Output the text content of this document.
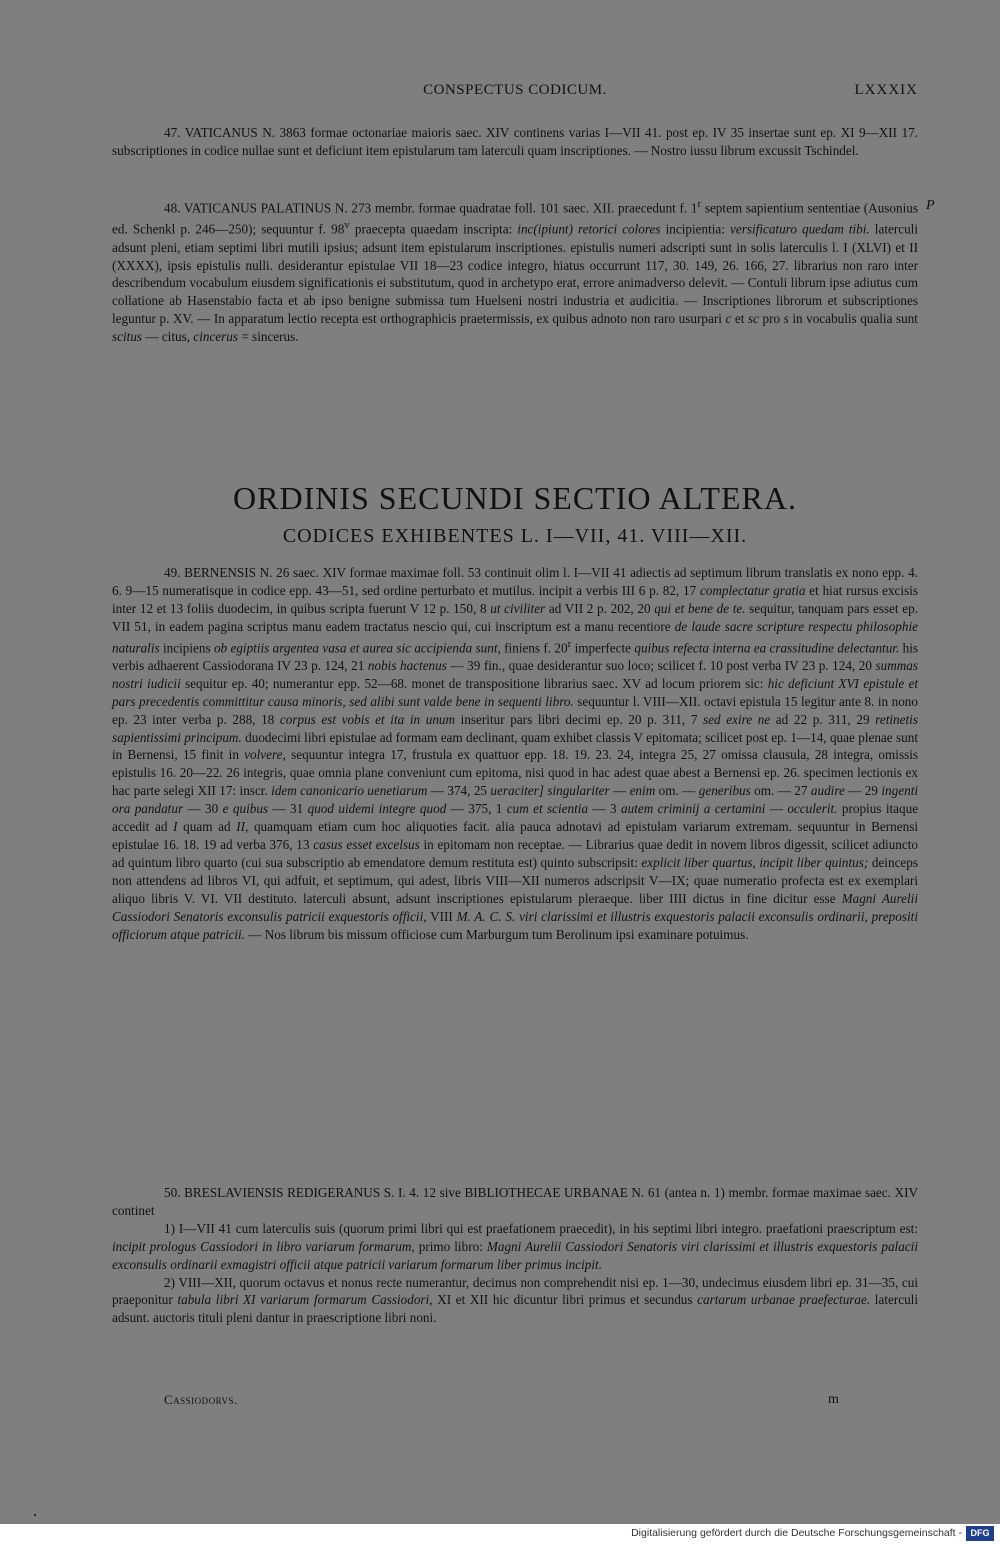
CONSPECTUS CODICUM.	LXXXIX

47. VATICANUS N. 3863 formae octonariae maioris saec. XIV continens varias I—VII 41. post ep. IV 35 insertae sunt ep. XI 9—XII 17. subscriptiones in codice nullae sunt et deficiunt item epistularum tam laterculi quam inscriptiones. — Nostro iussu librum excussit Tschindel.

P

48. VATICANUS PALATINUS N. 273 membr. formae quadratae foll. 101 saec. XII. praecedunt f. 1$^r$ septem sapientium sententiae (Ausonius ed. Schenkl p. 246—250); sequuntur f. 98$^v$ praecepta quaedam inscripta: inc(ipiunt) retorici colores incipientia: versificaturo quedam tibi. laterculi adsunt pleni, etiam septimi libri mutili ipsius; adsunt item epistularum inscriptiones. epistulis numeri adscripti sunt in solis laterculis l. I (XLVI) et II (XXXX), ipsis epistulis nulli. desiderantur epistulae VII 18—23 codice integro, hiatus occurrunt 117, 30. 149, 26. 166, 27. librarius non raro inter describendum vocabulum eiusdem significationis ei substitutum, quod in archetypo erat, errore animadverso delevit. — Contuli librum ipse adiutus cum collatione ab Hasenstabio facta et ab ipso benigne submissa tum Huelseni nostri industria et audicitia. — Inscriptiones librorum et subscriptiones leguntur p. XV. — In apparatum lectio recepta est orthographicis praetermissis, ex quibus adnoto non raro usurpari c et sc pro s in vocabulis qualia sunt scitus — citus, cincerus = sincerus.

ORDINIS SECUNDI SECTIO ALTERA.
CODICES EXHIBENTES L. I—VII, 41. VIII—XII.

49. BERNENSIS N. 26 saec. XIV formae maximae foll. 53 continuit olim l. I—VII 41 adiectis ad septimum librum translatis ex nono epp. 4. 6. 9—15 numeratisque in codice epp. 43—51, sed ordine perturbato et mutilus. incipit a verbis III 6 p. 82, 17 complectatur gratia et hiat rursus excisis inter 12 et 13 foliis duodecim, in quibus scripta fuerunt V 12 p. 150, 8 ut civiliter ad VII 2 p. 202, 20 qui et bene de te. sequitur, tanquam pars esset ep. VII 51, in eadem pagina scriptus manu eadem tractatus nescio qui, cui inscriptum est a manu recentiore de laude sacre scripture respectu philosophie naturalis incipiens ob egiptiis argentea vasa et aurea sic accipienda sunt, finiens f. 20$^r$ imperfecte quibus refecta interna ea crassitudine delectantur. his verbis adhaerent Cassiodorana IV 23 p. 124, 21 nobis hactenus — 39 fin., quae desiderantur suo loco; scilicet f. 10 post verba IV 23 p. 124, 20 summas nostri iudicii sequitur ep. 40; numerantur epp. 52—68. monet de transpositione librarius saec. XV ad locum priorem sic: hic deficiunt XVI epistule et pars precedentis committitur causa minoris, sed alibi sunt valde bene in sequenti libro. sequuntur l. VIII—XII. octavi epistula 15 legitur ante 8. in nono ep. 23 inter verba p. 288, 18 corpus est vobis et ita in unum inseritur pars libri decimi ep. 20 p. 311, 7 sed exire ne ad 22 p. 311, 29 retinetis sapientissimi principum. duodecimi libri epistulae ad formam eam declinant, quam exhibet classis V epitomata; scilicet post ep. 1—14, quae plenae sunt in Bernensi, 15 finit in volvere, sequuntur integra 17, frustula ex quattuor epp. 18. 19. 23. 24, integra 25, 27 omissa clausula, 28 integra, omissis epistulis 16. 20—22. 26 integris, quae omnia plane conveniunt cum epitoma, nisi quod in hac adest quae abest a Bernensi ep. 26. specimen lectionis ex hac parte selegi XII 17: inscr. idem canonicario uenetiarum — 374, 25 ueraciter] singulariter — enim om. — generibus om. — 27 audire — 29 ingenti ora pandatur — 30 e quibus — 31 quod uidemi integre quod — 375, 1 cum et scientia — 3 autem criminij a certamini — occulerit. propius itaque accedit ad I quam ad II, quamquam etiam cum hoc aliquoties facit. alia pauca adnotavi ad epistulam variarum extremam. sequuntur in Bernensi epistulae 16. 18. 19 ad verba 376, 13 casus esset excelsus in epitomam non receptae. — Librarius quae dedit in novem libros digessit, scilicet adiuncto ad quintum libro quarto (cui sua subscriptio ab emendatore demum restituta est) quinto subscripsit: explicit liber quartus, incipit liber quintus; deinceps non attendens ad libros VI, qui adfuit, et septimum, qui adest, libris VIII—XII numeros adscripsit V—IX; quae numeratio profecta est ex exemplari aliquo libris V. VI. VII destituto. laterculi absunt, adsunt inscriptiones epistularum pleraeque. liber IIII dictus in fine dicitur esse Magni Aurelii Cassiodori Senatoris exconsulis patricii exquestoris officii, VIII M. A. C. S. viri clarissimi et illustris exquestoris palacii exconsulis ordinarii, prepositi officiorum atque patricii. — Nos librum bis missum officiose cum Marburgum tum Berolinum ipsi examinare potuimus.

50. BRESLAVIENSIS REDIGERANUS S. I. 4. 12 sive BIBLIOTHECAE URBANAE N. 61 (antea n. 1) membr. formae maximae saec. XIV continet

1) I—VII 41 cum laterculis suis (quorum primi libri qui est praefationem praecedit), in his septimi libri integro. praefationi praescriptum est: incipit prologus Cassiodori in libro variarum formarum, primo libro: Magni Aurelii Cassiodori Senatoris viri clarissimi et illustris exquestoris palacii exconsulis ordinarii exmagistri officii atque patricii variarum formarum liber primus incipit.

2) VIII—XII, quorum octavus et nonus recte numerantur, decimus non comprehendit nisi ep. 1—30, undecimus eiusdem libri ep. 31—35, cui praeponitur tabula libri XI variarum formarum Cassiodori, XI et XII hic dicuntur libri primus et secundus cartarum urbanae praefecturae. laterculi adsunt. auctoris tituli pleni dantur in praescriptione libri noni.

Cassiodorvs.	m
Digitalisierung gefördert durch die Deutsche Forschungsgemeinschaft - DFG
